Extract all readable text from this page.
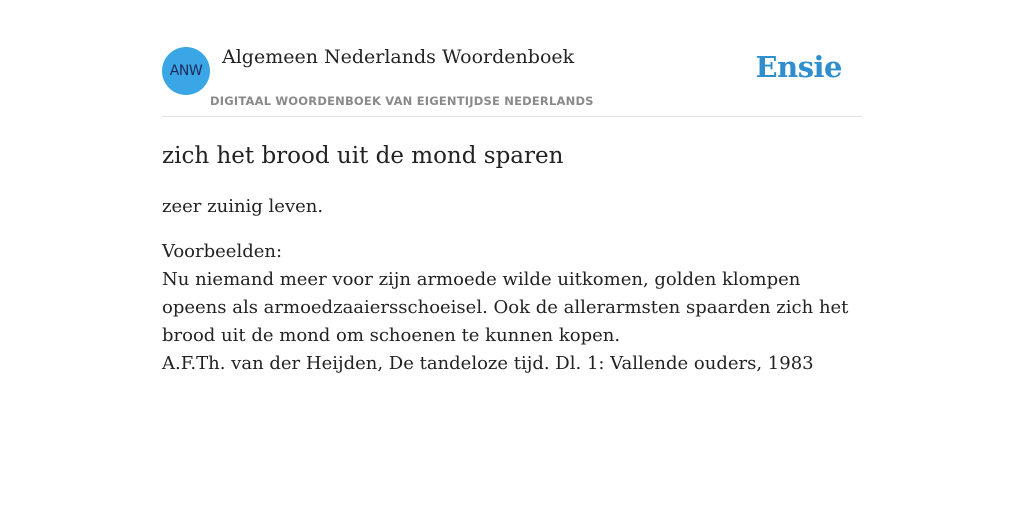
ANW
Algemeen Nederlands Woordenboek
DIGITAAL WOORDENBOEK VAN EIGENTIJDSE NEDERLANDS
Ensie
zich het brood uit de mond sparen

zeer zuinig leven.

Voorbeelden:

Nu niemand meer voor zijn armoede wilde uitkomen, golden klompen opeens als armoedzaaiersschoeisel. Ook de allerarmsten spaarden zich het brood uit de mond om schoenen te kunnen kopen.

A.F.Th. van der Heijden, De tandeloze tijd. Dl. 1: Vallende ouders, 1983
